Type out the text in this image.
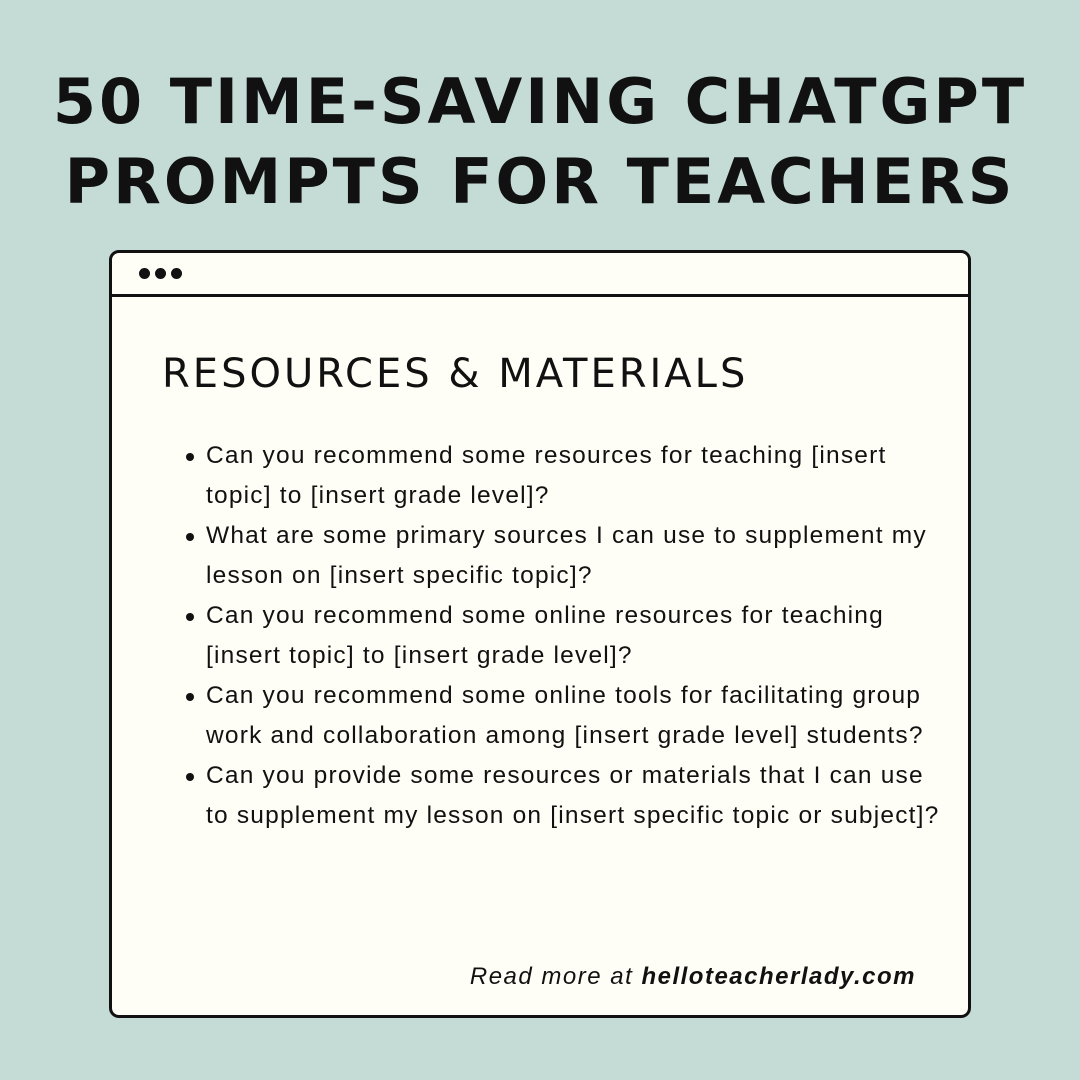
50 TIME-SAVING CHATGPT
PROMPTS FOR TEACHERS
RESOURCES & MATERIALS
Can you recommend some resources for teaching [insert topic] to [insert grade level]?
What are some primary sources I can use to supplement my lesson on [insert specific topic]?
Can you recommend some online resources for teaching [insert topic] to [insert grade level]?
Can you recommend some online tools for facilitating group work and collaboration among [insert grade level] students?
Can you provide some resources or materials that I can use to supplement my lesson on [insert specific topic or subject]?
Read more at helloteacherlady.com
